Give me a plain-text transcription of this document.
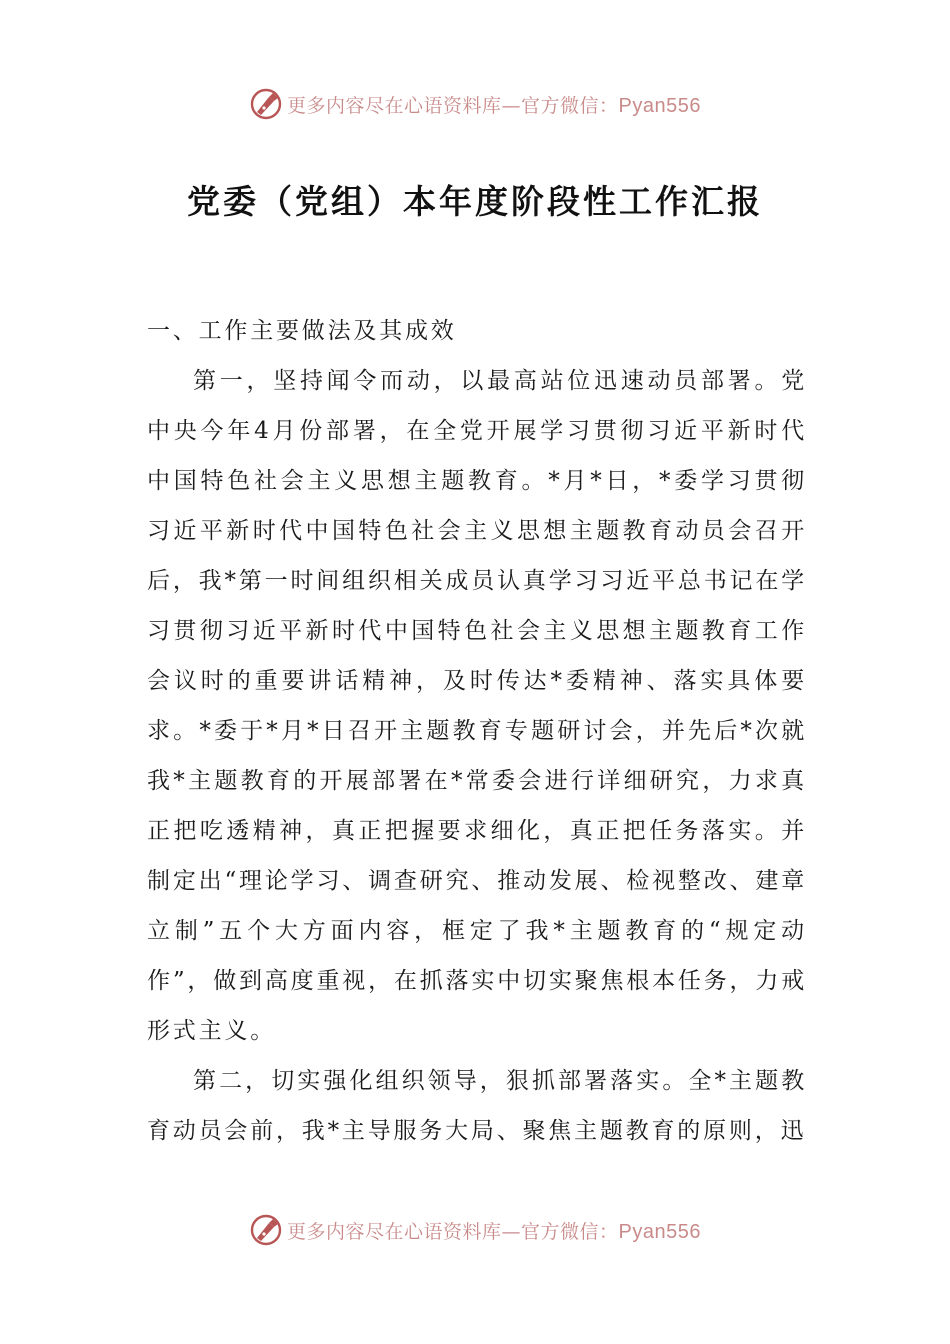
更多内容尽在心语资料库—官方微信：Pyan556
党委（党组）本年度阶段性工作汇报

一、工作主要做法及其成效

第一，坚持闻令而动，以最高站位迅速动员部署。党中央今年4月份部署，在全党开展学习贯彻习近平新时代中国特色社会主义思想主题教育。*月*日，*委学习贯彻习近平新时代中国特色社会主义思想主题教育动员会召开后，我*第一时间组织相关成员认真学习习近平总书记在学习贯彻习近平新时代中国特色社会主义思想主题教育工作会议时的重要讲话精神，及时传达*委精神、落实具体要求。*委于*月*日召开主题教育专题研讨会，并先后*次就我*主题教育的开展部署在*常委会进行详细研究，力求真正把吃透精神，真正把握要求细化，真正把任务落实。并制定出“理论学习、调查研究、推动发展、检视整改、建章立制”五个大方面内容，框定了我*主题教育的“规定动作”，做到高度重视，在抓落实中切实聚焦根本任务，力戒形式主义。

第二，切实强化组织领导，狠抓部署落实。全*主题教育动员会前，我*主导服务大局、聚焦主题教育的原则，迅

更多内容尽在心语资料库—官方微信：Pyan556
